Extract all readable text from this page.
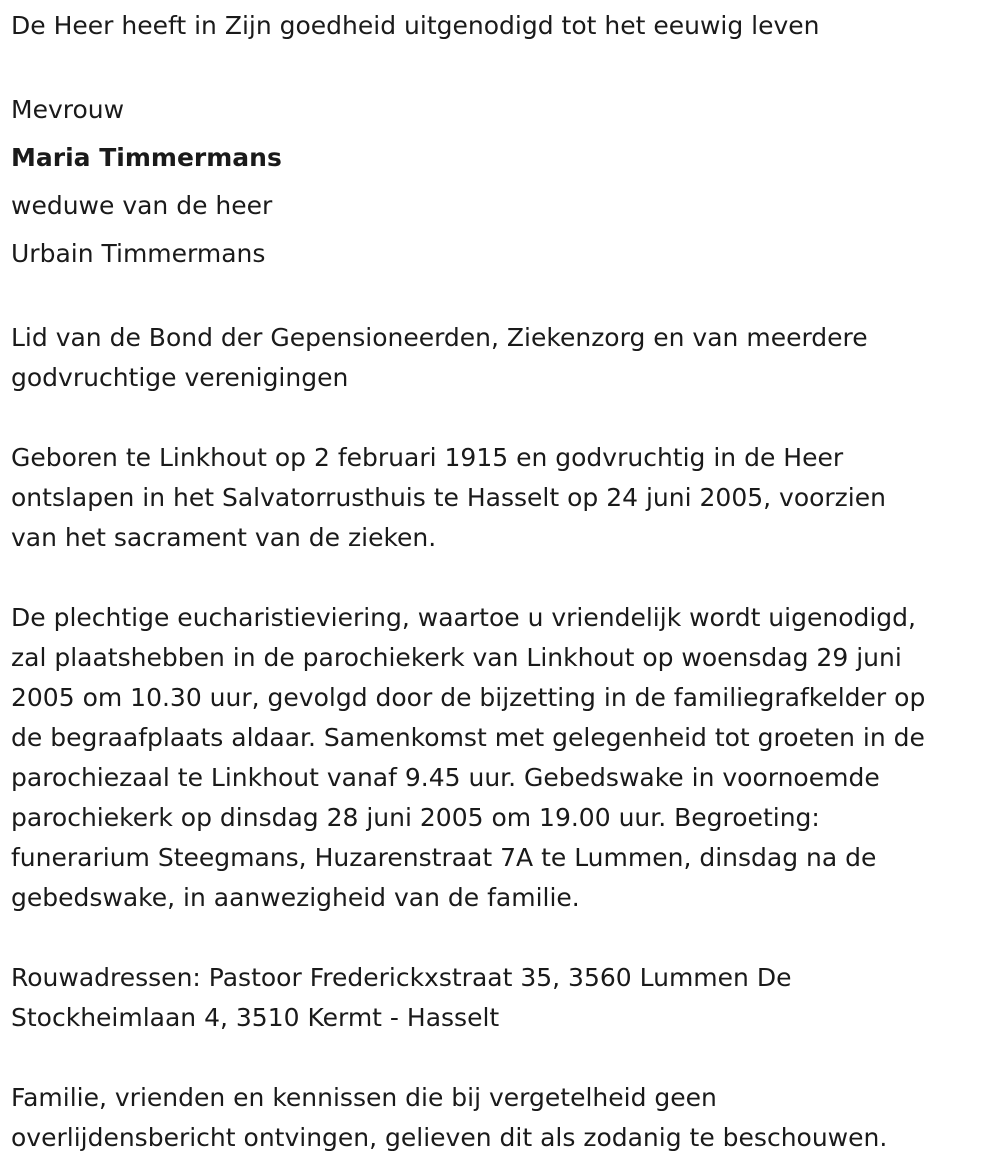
De Heer heeft in Zijn goedheid uitgenodigd tot het eeuwig leven
Mevrouw
Maria Timmermans
weduwe van de heer
Urbain Timmermans
Lid van de Bond der Gepensioneerden, Ziekenzorg en van meerdere
godvruchtige verenigingen
Geboren te Linkhout op 2 februari 1915 en godvruchtig in de Heer
ontslapen in het Salvatorrusthuis te Hasselt op 24 juni 2005, voorzien
van het sacrament van de zieken.
De plechtige eucharistieviering, waartoe u vriendelijk wordt uigenodigd,
zal plaatshebben in de parochiekerk van Linkhout op woensdag 29 juni
2005 om 10.30 uur, gevolgd door de bijzetting in de familiegrafkelder op
de begraafplaats aldaar. Samenkomst met gelegenheid tot groeten in de
parochiezaal te Linkhout vanaf 9.45 uur. Gebedswake in voornoemde
parochiekerk op dinsdag 28 juni 2005 om 19.00 uur. Begroeting:
funerarium Steegmans, Huzarenstraat 7A te Lummen, dinsdag na de
gebedswake, in aanwezigheid van de familie.
Rouwadressen: Pastoor Frederickxstraat 35, 3560 Lummen De
Stockheimlaan 4, 3510 Kermt - Hasselt
Familie, vrienden en kennissen die bij vergetelheid geen
overlijdensbericht ontvingen, gelieven dit als zodanig te beschouwen.
